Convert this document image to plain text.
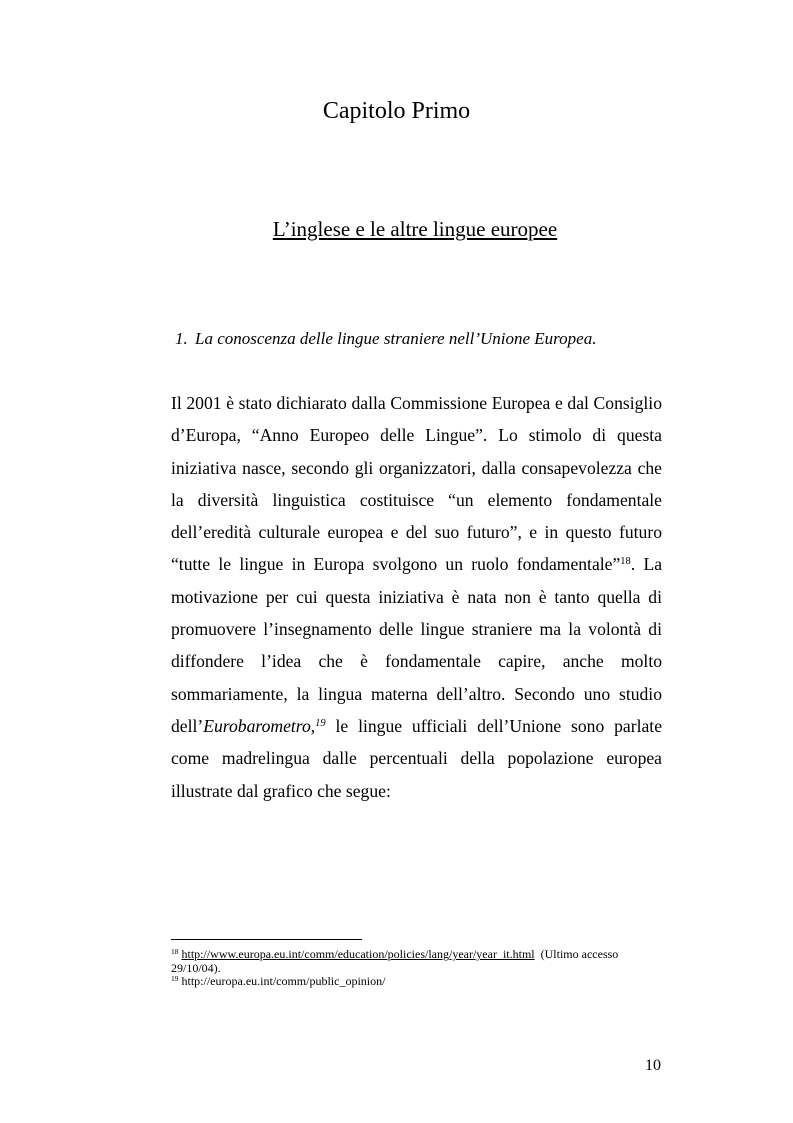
Capitolo Primo
L’inglese e le altre lingue europee
1. La conoscenza delle lingue straniere nell’Unione Europea.

Il 2001 è stato dichiarato dalla Commissione Europea e dal Consiglio d’Europa, “Anno Europeo delle Lingue”. Lo stimolo di questa iniziativa nasce, secondo gli organizzatori, dalla consapevolezza che la diversità linguistica costituisce “un elemento fondamentale dell’eredità culturale europea e del suo futuro”, e in questo futuro “tutte le lingue in Europa svolgono un ruolo fondamentale”$^{18}$. La motivazione per cui questa iniziativa è nata non è tanto quella di promuovere l’insegnamento delle lingue straniere ma la volontà di diffondere l’idea che è fondamentale capire, anche molto sommariamente, la lingua materna dell’altro. Secondo uno studio dell’Eurobarometro,$^{19}$ le lingue ufficiali dell’Unione sono parlate come madrelingua dalle percentuali della popolazione europea illustrate dal grafico che segue:

$^{18}$ http://www.europa.eu.int/comm/education/policies/lang/year/year_it.html (Ultimo accesso 29/10/04).
$^{19}$ http://europa.eu.int/comm/public_opinion/
10
